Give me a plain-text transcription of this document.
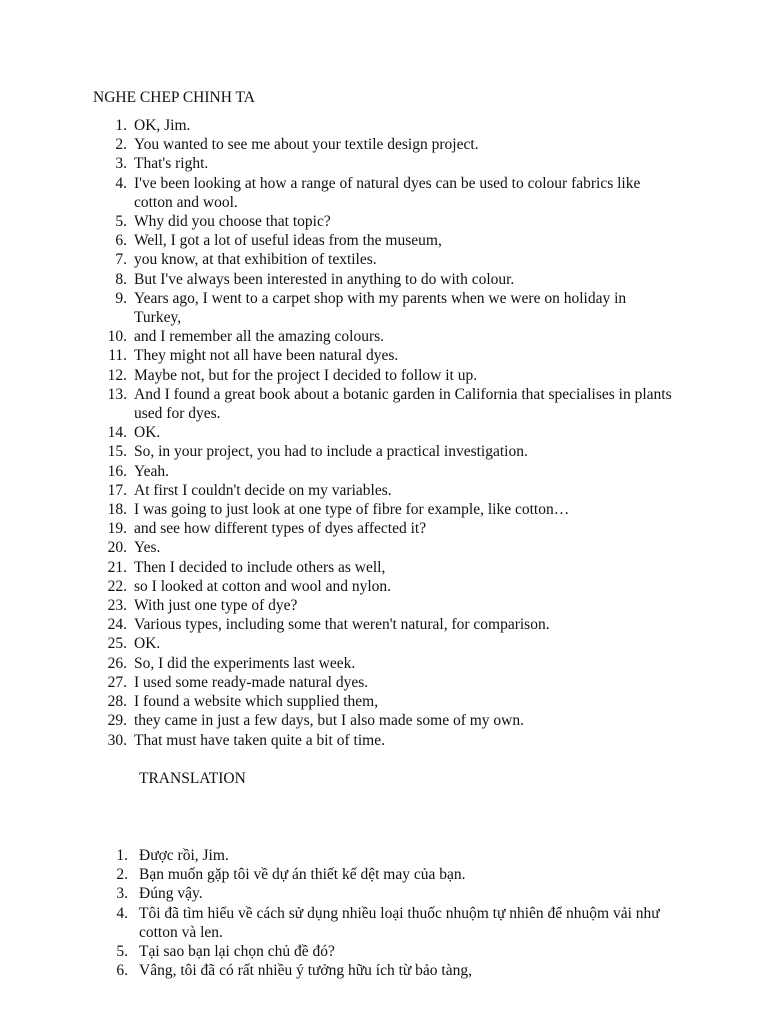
NGHE CHEP CHINH TA
1. OK, Jim.
2. You wanted to see me about your textile design project.
3. That's right.
4. I've been looking at how a range of natural dyes can be used to colour fabrics like cotton and wool.
5. Why did you choose that topic?
6. Well, I got a lot of useful ideas from the museum,
7. you know, at that exhibition of textiles.
8. But I've always been interested in anything to do with colour.
9. Years ago, I went to a carpet shop with my parents when we were on holiday in Turkey,
10. and I remember all the amazing colours.
11. They might not all have been natural dyes.
12. Maybe not, but for the project I decided to follow it up.
13. And I found a great book about a botanic garden in California that specialises in plants used for dyes.
14. OK.
15. So, in your project, you had to include a practical investigation.
16. Yeah.
17. At first I couldn't decide on my variables.
18. I was going to just look at one type of fibre for example, like cotton…
19. and see how different types of dyes affected it?
20. Yes.
21. Then I decided to include others as well,
22. so I looked at cotton and wool and nylon.
23. With just one type of dye?
24. Various types, including some that weren't natural, for comparison.
25. OK.
26. So, I did the experiments last week.
27. I used some ready-made natural dyes.
28. I found a website which supplied them,
29. they came in just a few days, but I also made some of my own.
30. That must have taken quite a bit of time.
TRANSLATION
1. Được rồi, Jim.
2. Bạn muốn gặp tôi về dự án thiết kế dệt may của bạn.
3. Đúng vậy.
4. Tôi đã tìm hiểu về cách sử dụng nhiều loại thuốc nhuộm tự nhiên để nhuộm vải như cotton và len.
5. Tại sao bạn lại chọn chủ đề đó?
6. Vâng, tôi đã có rất nhiều ý tưởng hữu ích từ bảo tàng,
